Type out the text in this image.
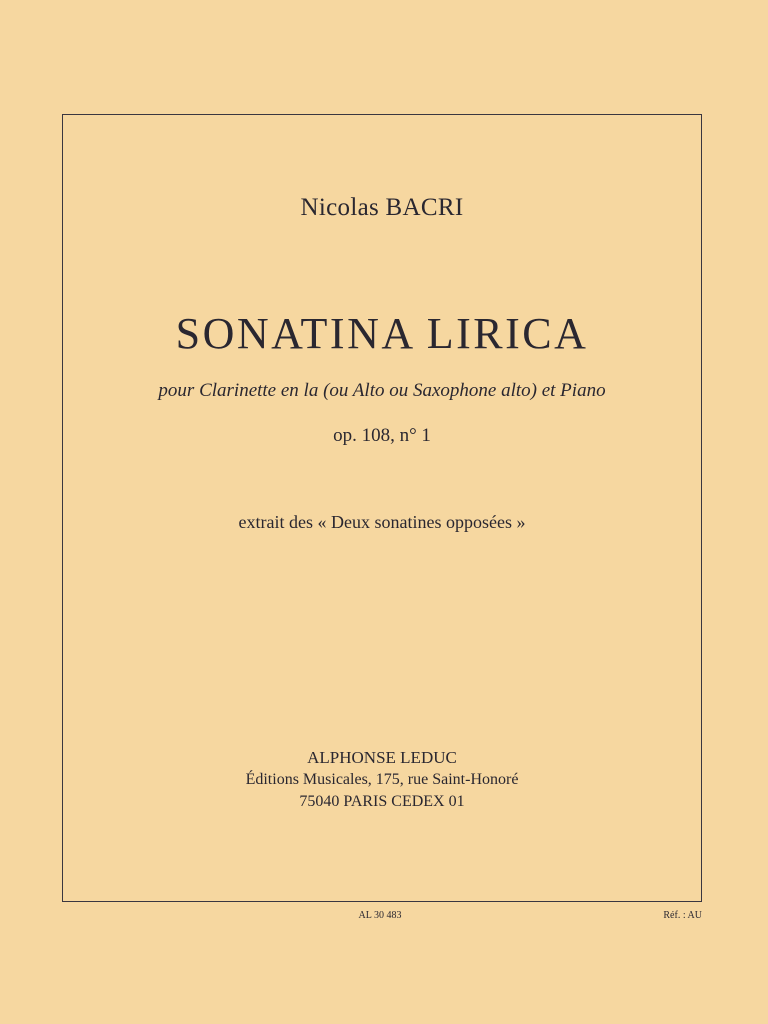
Nicolas BACRI
SONATINA LIRICA
pour Clarinette en la (ou Alto ou Saxophone alto) et Piano
op. 108, n° 1
extrait des « Deux sonatines opposées »
ALPHONSE LEDUC
Éditions Musicales, 175, rue Saint-Honoré
75040 PARIS CEDEX 01
AL 30 483	Réf. : AU
